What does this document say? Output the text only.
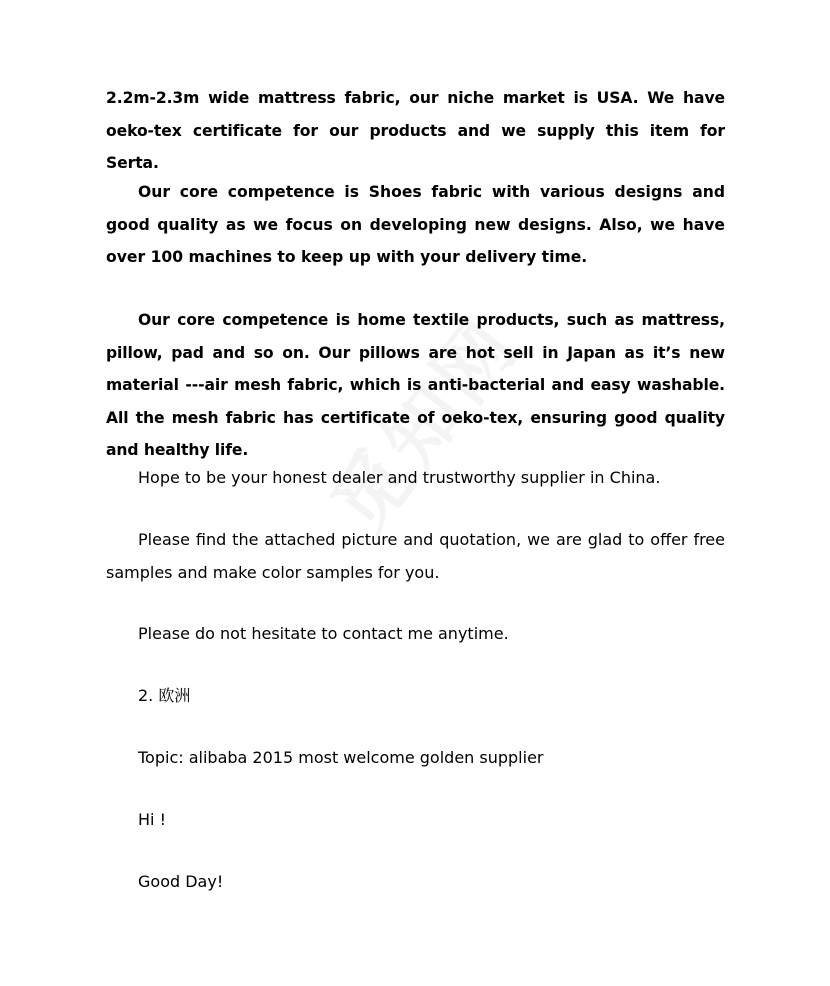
2.2m-2.3m wide mattress fabric, our niche market is USA. We have oeko-tex certificate for our products and we supply this item for Serta.

Our core competence is Shoes fabric with various designs and good quality as we focus on developing new designs. Also, we have over 100 machines to keep up with your delivery time.

Our core competence is home textile products, such as mattress, pillow, pad and so on. Our pillows are hot sell in Japan as it’s new material ---air mesh fabric, which is anti-bacterial and easy washable. All the mesh fabric has certificate of oeko-tex, ensuring good quality and healthy life.

Hope to be your honest dealer and trustworthy supplier in China.

Please find the attached picture and quotation, we are glad to offer free samples and make color samples for you.

Please do not hesitate to contact me anytime.

2. 欧洲

Topic: alibaba 2015 most welcome golden supplier

Hi !

Good Day!
